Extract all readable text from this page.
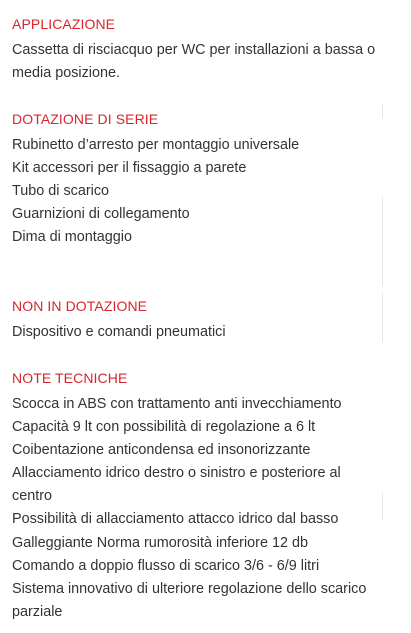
APPLICAZIONE
Cassetta di risciacquo per WC per installazioni a bassa o media posizione.
DOTAZIONE DI SERIE
Rubinetto d’arresto per montaggio universale
Kit accessori per il fissaggio a parete
Tubo di scarico
Guarnizioni di collegamento
Dima di montaggio
NON IN DOTAZIONE
Dispositivo e comandi pneumatici
NOTE TECNICHE
Scocca in ABS con trattamento anti invecchiamento
Capacità 9 lt con possibilità di regolazione a 6 lt
Coibentazione anticondensa ed insonorizzante
Allacciamento idrico destro o sinistro e posteriore al centro
Possibilità di allacciamento attacco idrico dal basso
Galleggiante Norma rumorosità inferiore 12 db
Comando a doppio flusso di scarico 3/6 - 6/9 litri
Sistema innovativo di ulteriore regolazione dello scarico parziale
